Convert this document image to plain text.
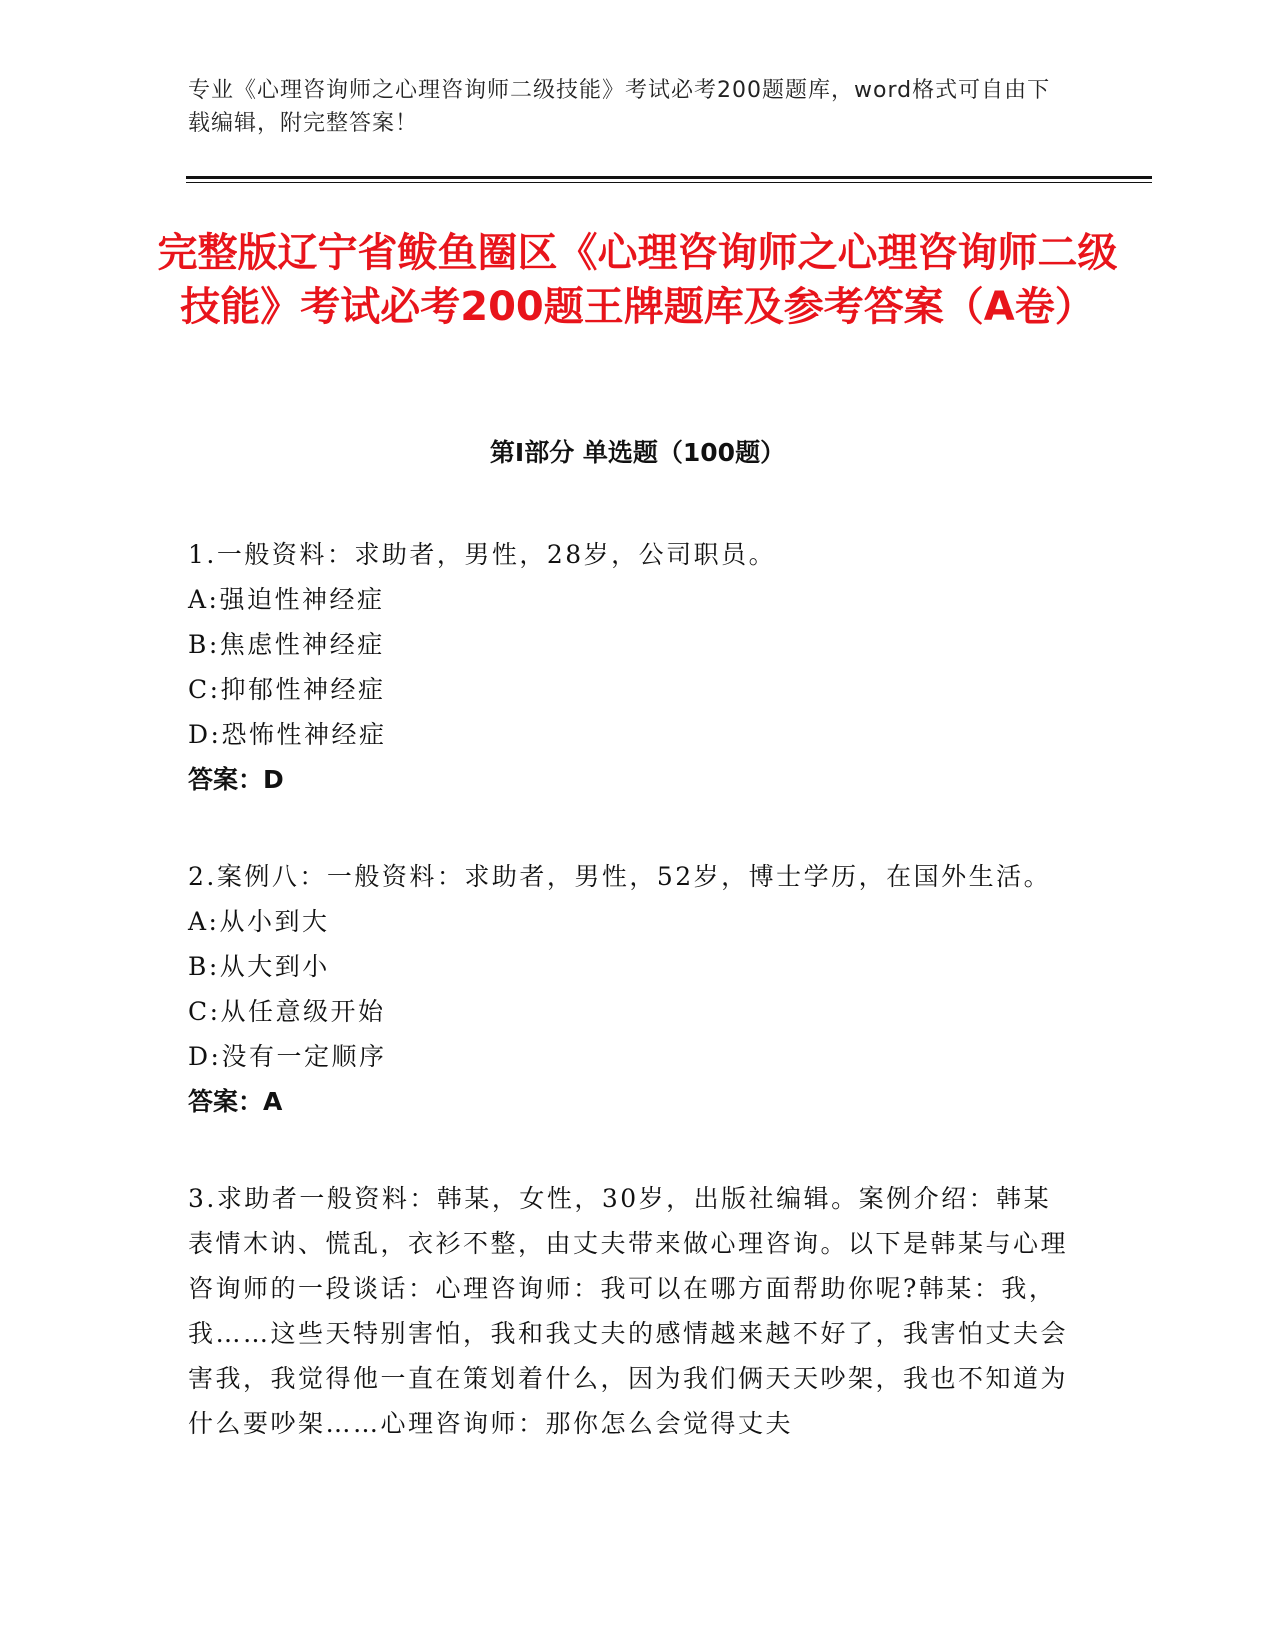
专业《心理咨询师之心理咨询师二级技能》考试必考200题题库，word格式可自由下载编辑，附完整答案！
完整版辽宁省鲅鱼圈区《心理咨询师之心理咨询师二级技能》考试必考200题王牌题库及参考答案（A卷）
第Ⅰ部分 单选题（100题）

1.一般资料：求助者，男性，28岁，公司职员。

A:强迫性神经症

B:焦虑性神经症

C:抑郁性神经症

D:恐怖性神经症

答案：D

2.案例八：一般资料：求助者，男性，52岁，博士学历，在国外生活。

A:从小到大

B:从大到小

C:从任意级开始

D:没有一定顺序

答案：A

3.求助者一般资料：韩某，女性，30岁，出版社编辑。案例介绍：韩某表情木讷、慌乱，衣衫不整，由丈夫带来做心理咨询。以下是韩某与心理咨询师的一段谈话：心理咨询师：我可以在哪方面帮助你呢?韩某：我，我……这些天特别害怕，我和我丈夫的感情越来越不好了，我害怕丈夫会害我，我觉得他一直在策划着什么，因为我们俩天天吵架，我也不知道为什么要吵架……心理咨询师：那你怎么会觉得丈夫
